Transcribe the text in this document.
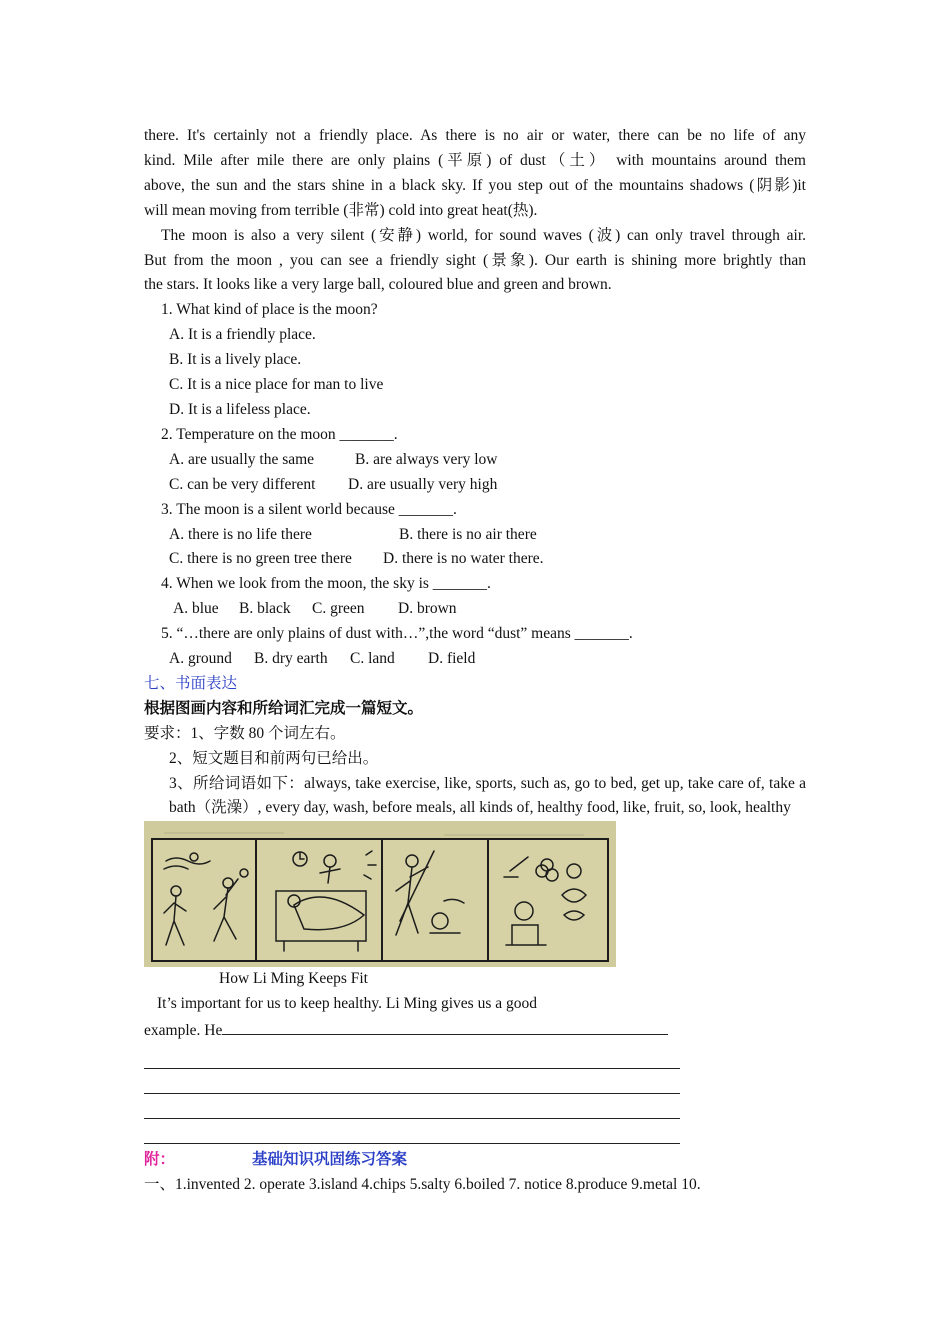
there. It's certainly not a friendly place. As there is no air or water, there can be no life of any
kind. Mile after mile there are only plains (平原) of dust（土） with mountains around them
above, the sun and the stars shine in a black sky. If you step out of the mountains shadows (阴影)it
will mean moving from terrible (非常) cold into great heat(热).
The moon is also a very silent (安静) world, for sound waves (波) can only travel through air.
But from the moon , you can see a friendly sight (景象). Our earth is shining more brightly than
the stars. It looks like a very large ball, coloured blue and green and brown.
1. What kind of place is the moon?
A. It is a friendly place.
B. It is a lively place.
C. It is a nice place for man to live
D. It is a lifeless place.
2. Temperature on the moon _______.
A. are usually the same	B. are always very low
C. can be very different D. are usually very high
3. The moon is a silent world because _______.
A. there is no life there	B. there is no air there
C. there is no green tree there D. there is no water there.
4. When we look from the moon, the sky is _______.
A. blue B. black C. green D. brown
5. “…there are only plains of dust with…”,the word “dust” means _______.
A. ground B. dry earth C. land D. field
七、书面表达
根据图画内容和所给词汇完成一篇短文。
要求：1、字数 80 个词左右。
2、短文题目和前两句已给出。
3、所给词语如下：always, take exercise, like, sports, such as, go to bed, get up, take care of, take a bath（洗澡）, every day, wash, before meals, all kinds of, healthy food, like, fruit, so, look, healthy
How Li Ming Keeps Fit
It’s important for us to keep healthy. Li Ming gives us a good
example. He
附：	基础知识巩固练习答案
一、1.invented 2. operate 3.island 4.chips 5.salty 6.boiled 7. notice 8.produce 9.metal 10.
